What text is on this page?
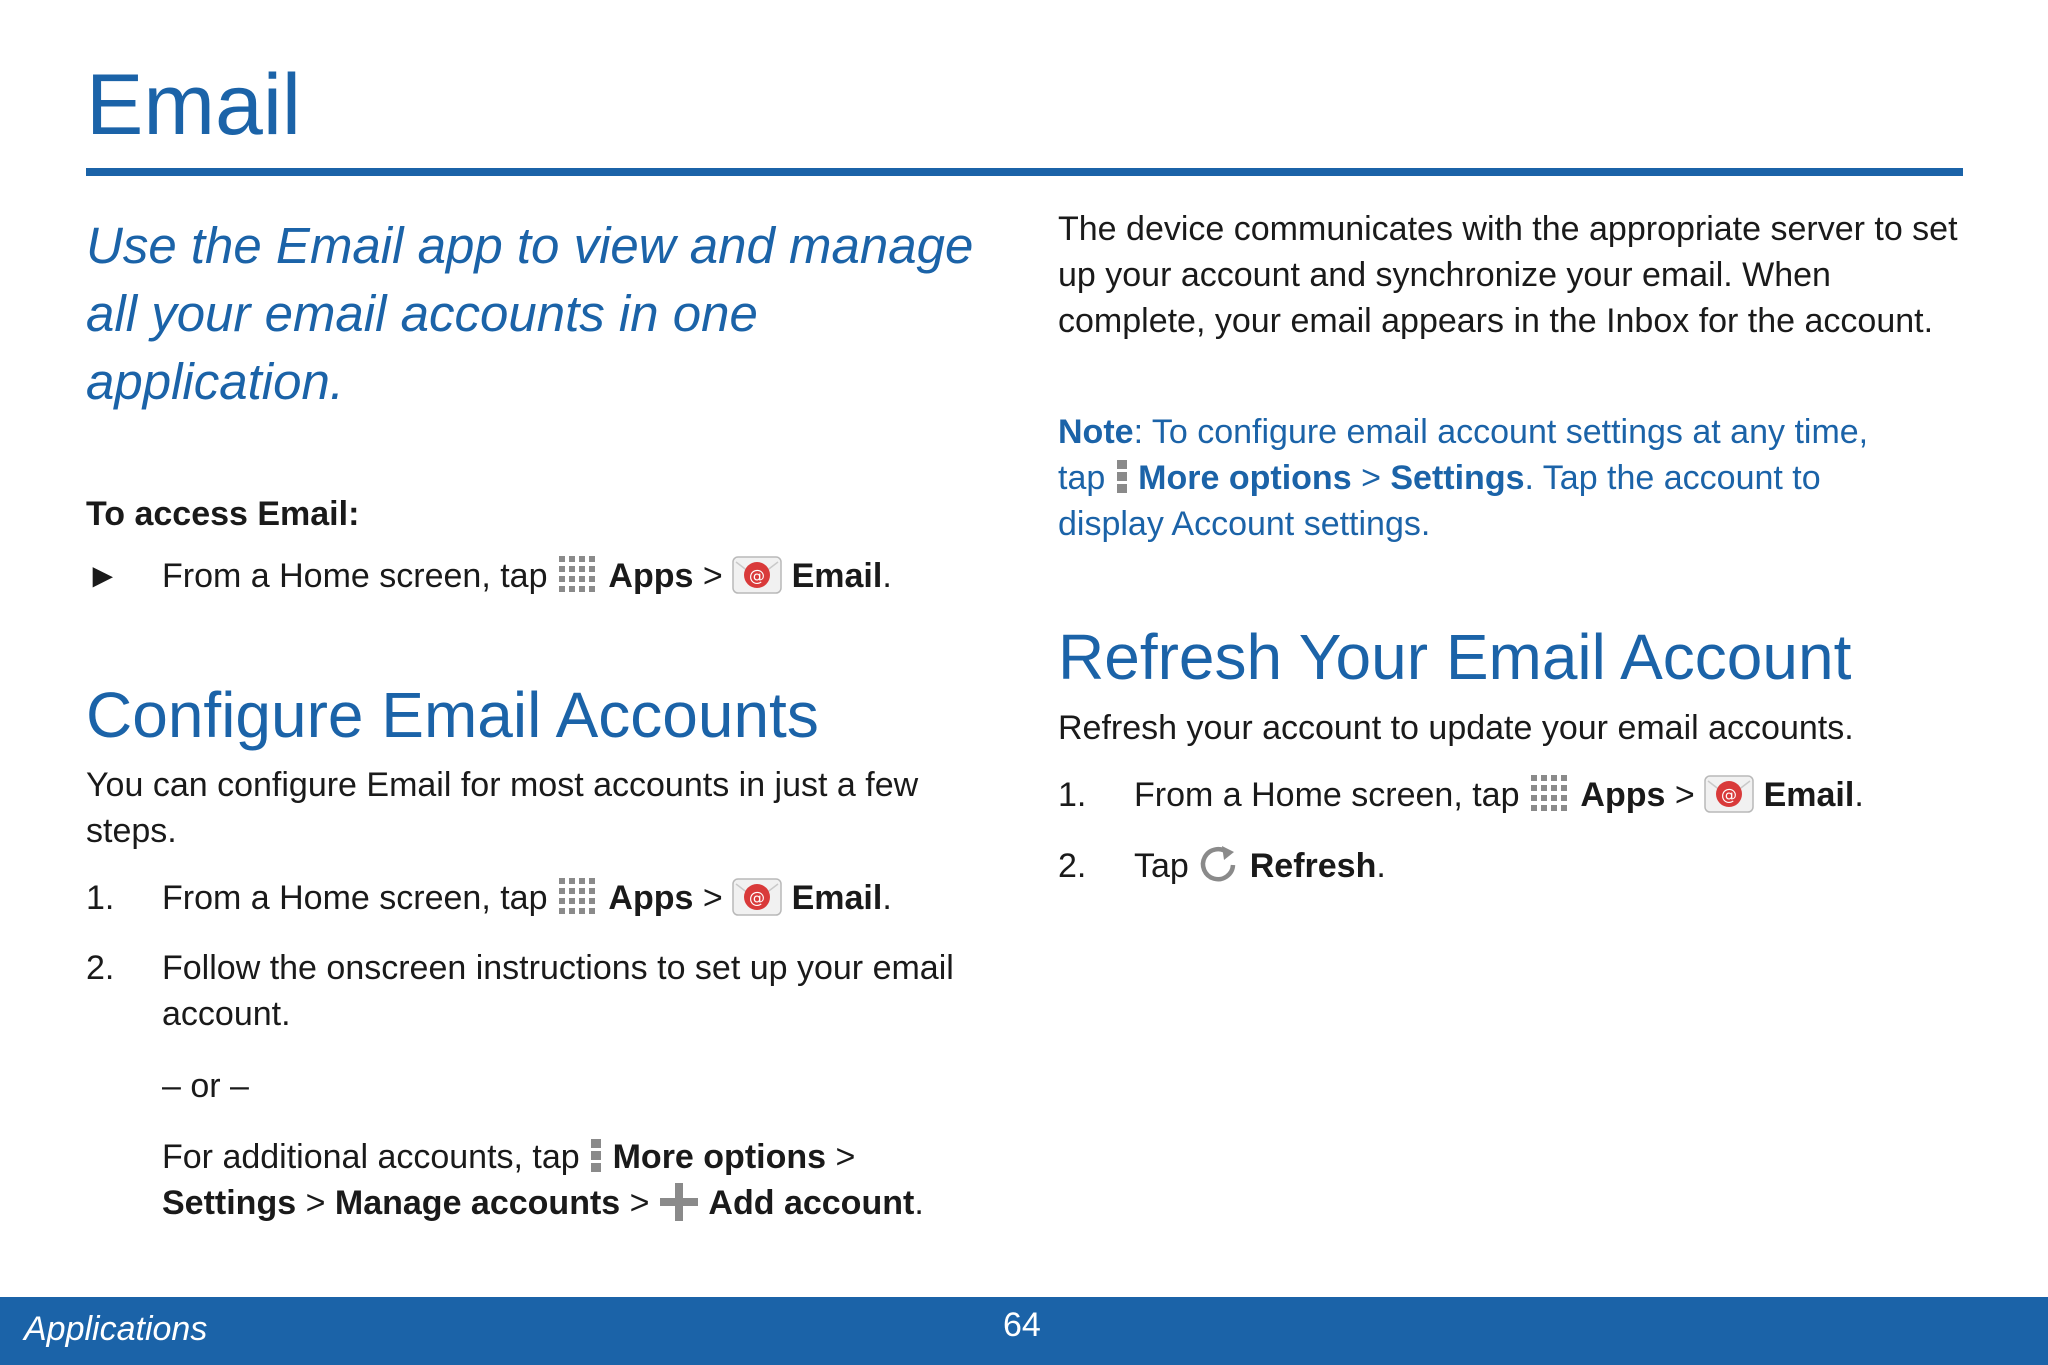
Email
Use the Email app to view and manage all your email accounts in one application.
To access Email:
► From a Home screen, tap Apps > Email.
Configure Email Accounts
You can configure Email for most accounts in just a few steps.
1. From a Home screen, tap Apps > Email.
2. Follow the onscreen instructions to set up your email account.
– or –
For additional accounts, tap More options >
Settings > Manage accounts > Add account.
The device communicates with the appropriate server to set up your account and synchronize your email. When complete, your email appears in the Inbox for the account.
Note: To configure email account settings at any time,
tap More options > Settings. Tap the account to
display Account settings.
Refresh Your Email Account
Refresh your account to update your email accounts.
1. From a Home screen, tap Apps > Email.
2. Tap Refresh.
Applications	64
